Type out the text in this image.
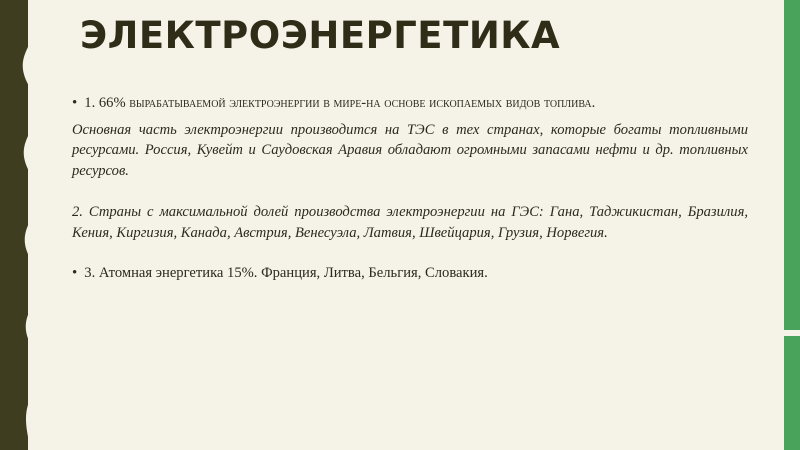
ЭЛЕКТРОЭНЕРГЕТИКА
• 1. 66% вырабатываемой электроэнергии в мире-на основе ископаемых видов топлива.

Основная часть электроэнергии производится на ТЭС в тех странах, которые богаты топливными ресурсами. Россия, Кувейт и Саудовская Аравия обладают огромными запасами нефти и др. топливных ресурсов.

2. Страны с максимальной долей производства электроэнергии на ГЭС: Гана, Таджикистан, Бразилия, Кения, Киргизия, Канада, Австрия, Венесуэла, Латвия, Швейцария, Грузия, Норвегия.

• 3. Атомная энергетика 15%. Франция, Литва, Бельгия, Словакия.
